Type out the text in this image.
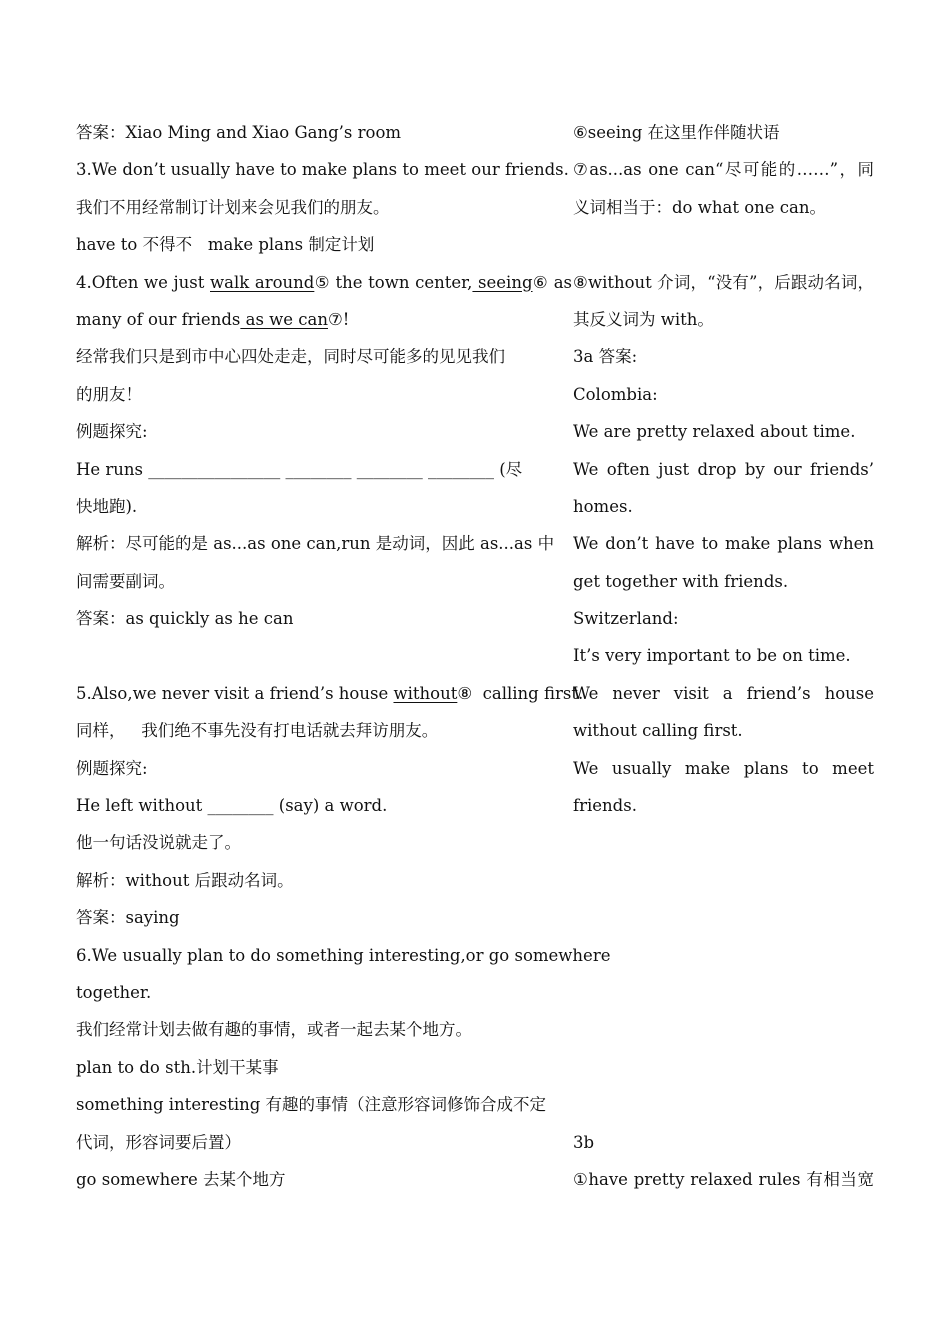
答案：Xiao Ming and Xiao Gang’s room
3.We don’t usually have to make plans to meet our friends.
我们不用经常制订计划来会见我们的朋友。
have to 不得不   make plans 制定计划
4.Often we just walk around⑤ the town center, seeing⑥ as
many of our friends as we can⑦!
经常我们只是到市中心四处走走，同时尽可能多的见见我们
的朋友！
例题探究:
He runs ________________ ________ ________ ________ (尽
快地跑).
解析：尽可能的是 as...as one can,run 是动词，因此 as...as 中
间需要副词。
答案：as quickly as he can
5.Also,we never visit a friend’s house without⑧  calling first.
同样，   我们绝不事先没有打电话就去拜访朋友。
例题探究:
He left without ________ (say) a word.
他一句话没说就走了。
解析：without 后跟动名词。
答案：saying
6.We usually plan to do something interesting,or go somewhere
together.
我们经常计划去做有趣的事情，或者一起去某个地方。
plan to do sth.计划干某事
something interesting 有趣的事情（注意形容词修饰合成不定
代词，形容词要后置）
go somewhere 去某个地方
⑥seeing 在这里作伴随状语
⑦as...as one can“尽可能的……”，同
义词相当于：do what one can。
⑧without 介词，“没有”，后跟动名词，
其反义词为 with。
3a 答案:
Colombia:
We are pretty relaxed about time.
We often just drop by our friends’
homes.
We don’t have to make plans when
get together with friends.
Switzerland:
It’s very important to be on time.
We never visit a friend’s house
without calling first.
We usually make plans to meet
friends.
3b
①have pretty relaxed rules 有相当宽
